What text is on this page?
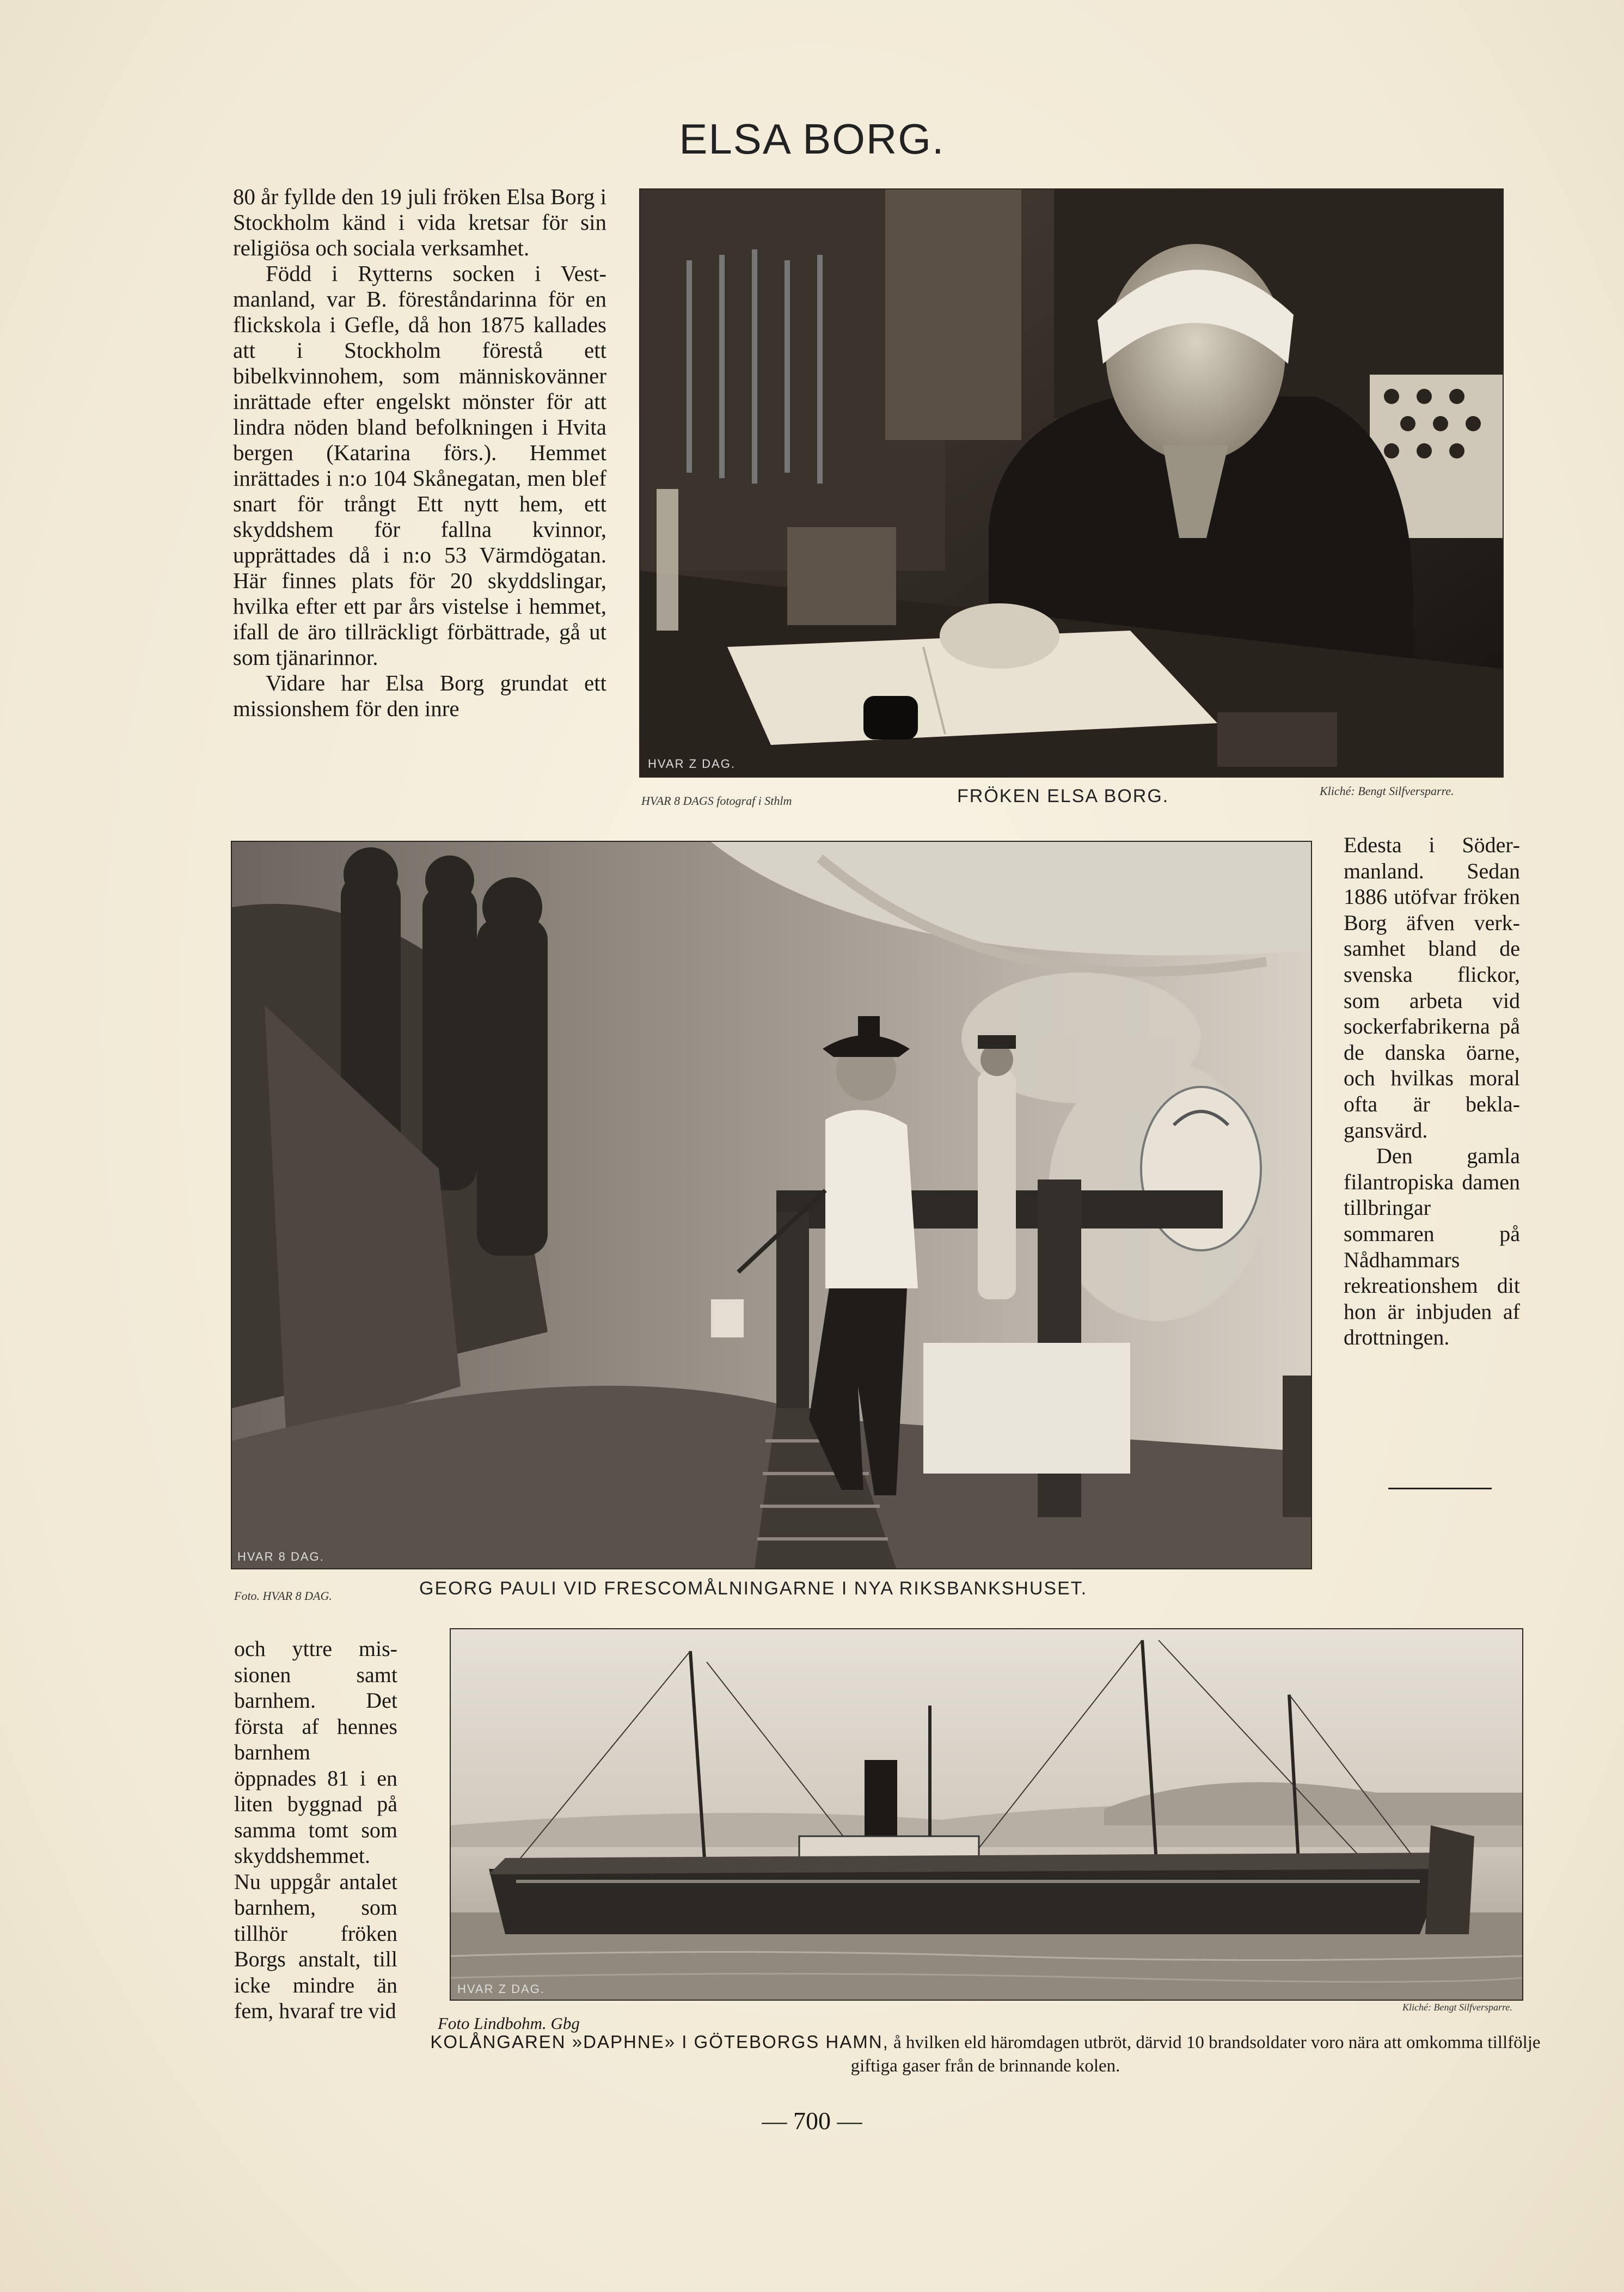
ELSA BORG.

80 år fyllde den 19 juli fröken Elsa Borg i Stockholm känd i vida kretsar för sin religiösa och sociala verksamhet.

Född i Rytterns socken i Vestmanland, var B. föreståndarinna för en flickskola i Gefle, då hon 1875 kallades att i Stockholm förestå ett bibelkvinnohem, som människovänner inrättade efter engelskt mönster för att lindra nöden bland befolkningen i Hvita bergen (Katarina förs.). Hemmet inrättades i n:o 104 Skånegatan, men blef snart för trångt Ett nytt hem, ett skyddshem för fallna kvinnor, upprättades då i n:o 53 Värmdögatan. Här finnes plats för 20 skyddslingar, hvilka efter ett par års vistelse i hemmet, ifall de äro tillräckligt förbättrade, gå ut som tjänarinnor.

Vidare har Elsa Borg grundat ett missionshem för den inre

HVAR Z DAG.
HVAR 8 DAGS fotograf i Sthlm	FRÖKEN ELSA BORG.	Kliché: Bengt Silfversparre.
HVAR 8 DAG.

Edesta i Södermanland. Sedan 1886 utöfvar fröken Borg äfven verksamhet bland de svenska flickor, som arbeta vid sockerfabrikerna på de danska öarne, och hvilkas moral ofta är beklagansvärd.

Den gamla filantropiska damen tillbringar sommaren på Nådhammars rekreationshem dit hon är inbjuden af drottningen.

Foto. HVAR 8 DAG.	GEORG PAULI VID FRESCOMÅLNINGARNE I NYA RIKSBANKSHUSET.

och yttre missionen samt barnhem. Det första af hennes barnhem öppnades 81 i en liten byggnad på samma tomt som skyddshemmet. Nu uppgår antalet barnhem, som tillhör fröken Borgs anstalt, till icke mindre än fem, hvaraf tre vid

HVAR Z DAG.
Foto Lindbohm. Gbg
Kliché: Bengt Silfversparre.
KOLÅNGAREN »DAPHNE» I GÖTEBORGS HAMN, å hvilken eld häromdagen utbröt, därvid 10 brandsoldater voro nära att omkomma tillfölje giftiga gaser från de brinnande kolen.
— 700 —
